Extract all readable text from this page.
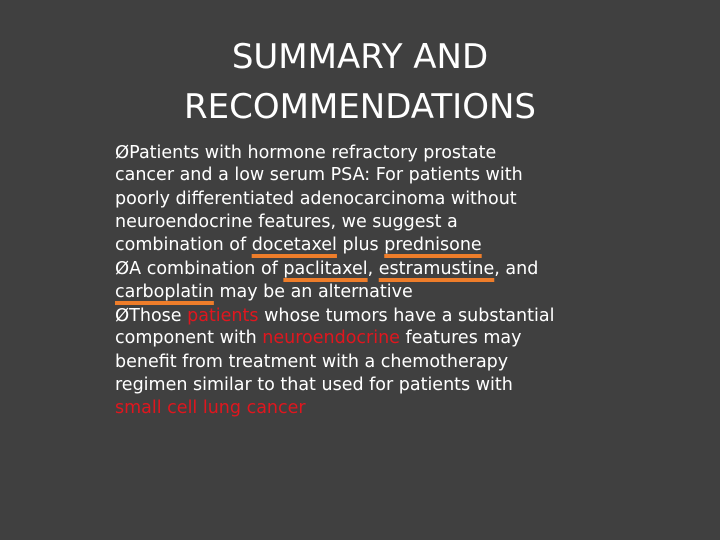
SUMMARY AND
RECOMMENDATIONS
ØPatients with hormone refractory prostate
cancer and a low serum PSA: For patients with
poorly differentiated adenocarcinoma without
neuroendocrine features, we suggest a
combination of docetaxel plus prednisone
ØA combination of paclitaxel, estramustine, and
carboplatin may be an alternative
ØThose patients whose tumors have a substantial
component with neuroendocrine features may
benefit from treatment with a chemotherapy
regimen similar to that used for patients with
small cell lung cancer
